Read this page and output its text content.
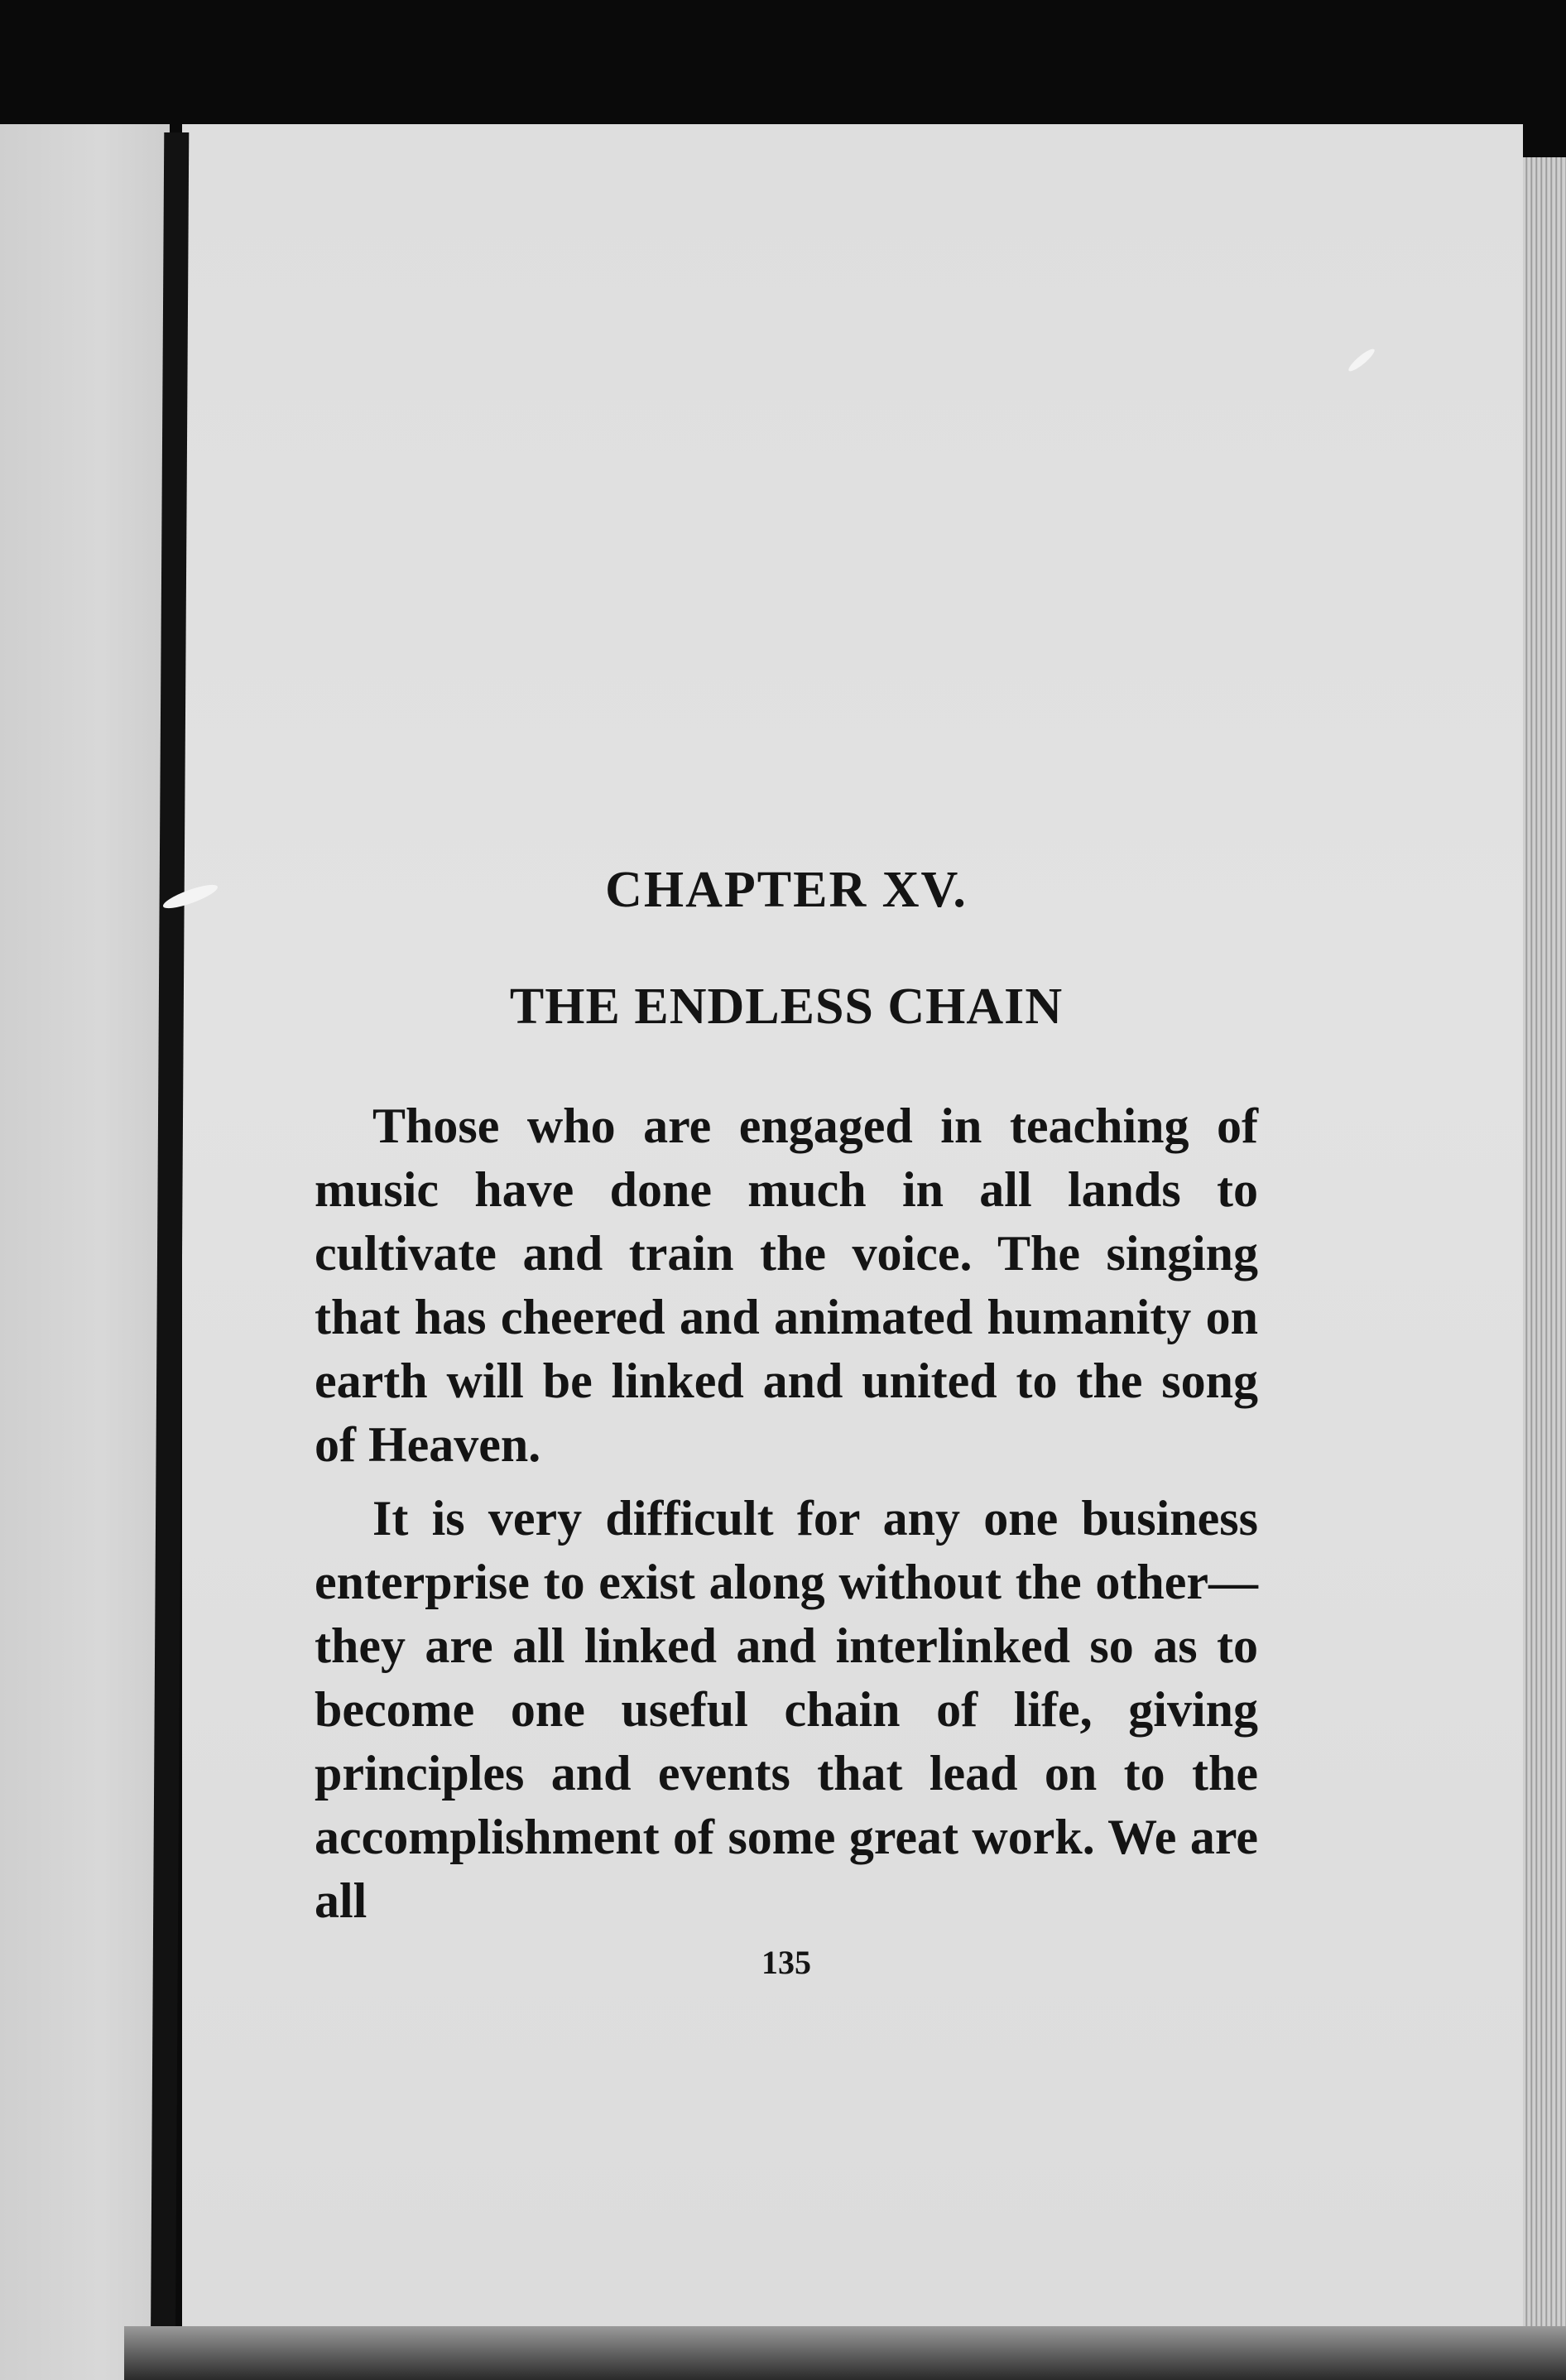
CHAPTER XV.
THE ENDLESS CHAIN

Those who are engaged in teaching of music have done much in all lands to cultivate and train the voice. The singing that has cheered and animated humanity on earth will be linked and united to the song of Heaven.

It is very difficult for any one business enterprise to exist along without the other—they are all linked and interlinked so as to become one useful chain of life, giving principles and events that lead on to the accomplishment of some great work. We are all

135
